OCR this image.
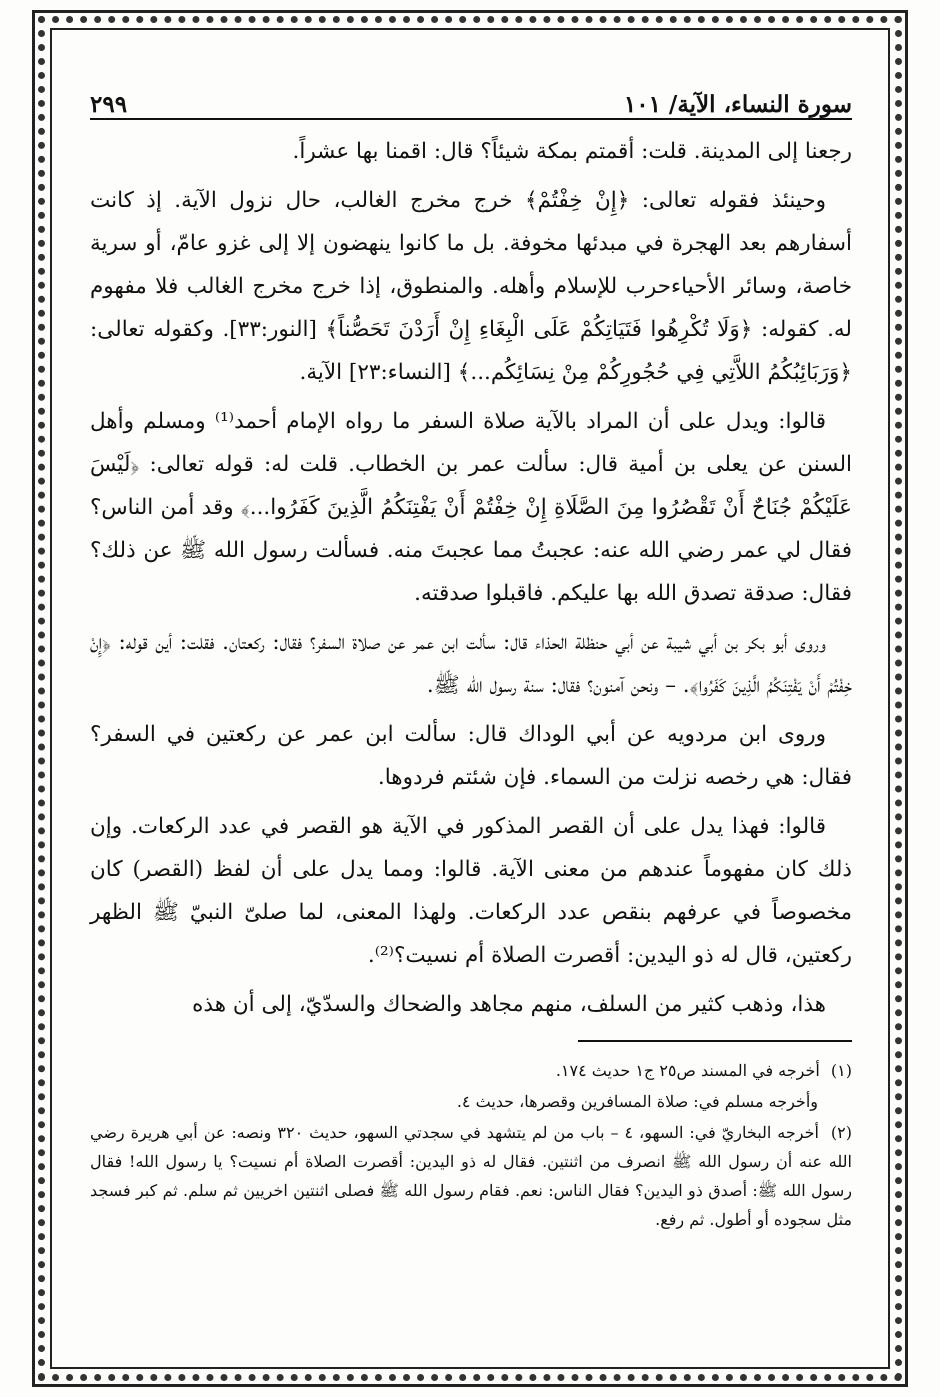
سورة النساء، الآية/ ١٠١
٢٩٩

رجعنا إلى المدينة. قلت: أقمتم بمكة شيئاً؟ قال: اقمنا بها عشراً.

وحينئذ فقوله تعالى: ﴿إِنْ خِفْتُمْ﴾ خرج مخرج الغالب، حال نزول الآية. إذ كانت أسفارهم بعد الهجرة في مبدئها مخوفة. بل ما كانوا ينهضون إلا إلى غزو عامّ، أو سرية خاصة، وسائر الأحياءحرب للإسلام وأهله. والمنطوق، إذا خرج مخرج الغالب فلا مفهوم له. كقوله: ﴿وَلَا تُكْرِهُوا فَتَيَاتِكُمْ عَلَى الْبِغَاءِ إِنْ أَرَدْنَ تَحَصُّناً﴾ [النور:٣٣]. وكقوله تعالى: ﴿وَرَبَائِبُكُمُ اللاَّتِي فِي حُجُورِكُمْ مِنْ نِسَائِكُم...﴾ [النساء:٢٣] الآية.

قالوا: ويدل على أن المراد بالآية صلاة السفر ما رواه الإمام أحمد⁽¹⁾ ومسلم وأهل السنن عن يعلى بن أمية قال: سألت عمر بن الخطاب. قلت له: قوله تعالى: ﴿لَيْسَ عَلَيْكُمْ جُنَاحٌ أَنْ تَقْصُرُوا مِنَ الصَّلَاةِ إِنْ خِفْتُمْ أَنْ يَفْتِنَكُمُ الَّذِينَ كَفَرُوا...﴾ وقد أمن الناس؟ فقال لي عمر رضي الله عنه: عجبتُ مما عجبتَ منه. فسألت رسول الله ﷺ عن ذلك؟ فقال: صدقة تصدق الله بها عليكم. فاقبلوا صدقته.

وروى أبو بكر بن أبي شيبة عن أبي حنظلة الحذاء قال: سألت ابن عمر عن صلاة السفر؟ فقال: ركعتان. فقلت: أين قوله: ﴿إِنْ خِفْتُمْ أَنْ يَفْتِنَكُمُ الَّذِينَ كَفَرُوا﴾. – ونحن آمنون؟ فقال: سنة رسول الله ﷺ.

وروى ابن مردويه عن أبي الوداك قال: سألت ابن عمر عن ركعتين في السفر؟ فقال: هي رخصه نزلت من السماء. فإن شئتم فردوها.

قالوا: فهذا يدل على أن القصر المذكور في الآية هو القصر في عدد الركعات. وإن ذلك كان مفهوماً عندهم من معنى الآية. قالوا: ومما يدل على أن لفظ (القصر) كان مخصوصاً في عرفهم بنقص عدد الركعات. ولهذا المعنى، لما صلىّ النبيّ ﷺ الظهر ركعتين، قال له ذو اليدين: أقصرت الصلاة أم نسيت؟⁽²⁾.

هذا، وذهب كثير من السلف، منهم مجاهد والضحاك والسدّيّ، إلى أن هذه

(١) أخرجه في المسند ص٢٥ ج١ حديث ١٧٤.

وأخرجه مسلم في: صلاة المسافرين وقصرها، حديث ٤.

(٢) أخرجه البخاريّ في: السهو، ٤ – باب من لم يتشهد في سجدتي السهو، حديث ٣٢٠ ونصه: عن أبي هريرة رضي الله عنه أن رسول الله ﷺ انصرف من اثنتين. فقال له ذو اليدين: أقصرت الصلاة أم نسيت؟ يا رسول الله! فقال رسول الله ﷺ: أصدق ذو اليدين؟ فقال الناس: نعم. فقام رسول الله ﷺ فصلى اثنتين اخريين ثم سلم. ثم كبر فسجد مثل سجوده أو أطول. ثم رفع.
